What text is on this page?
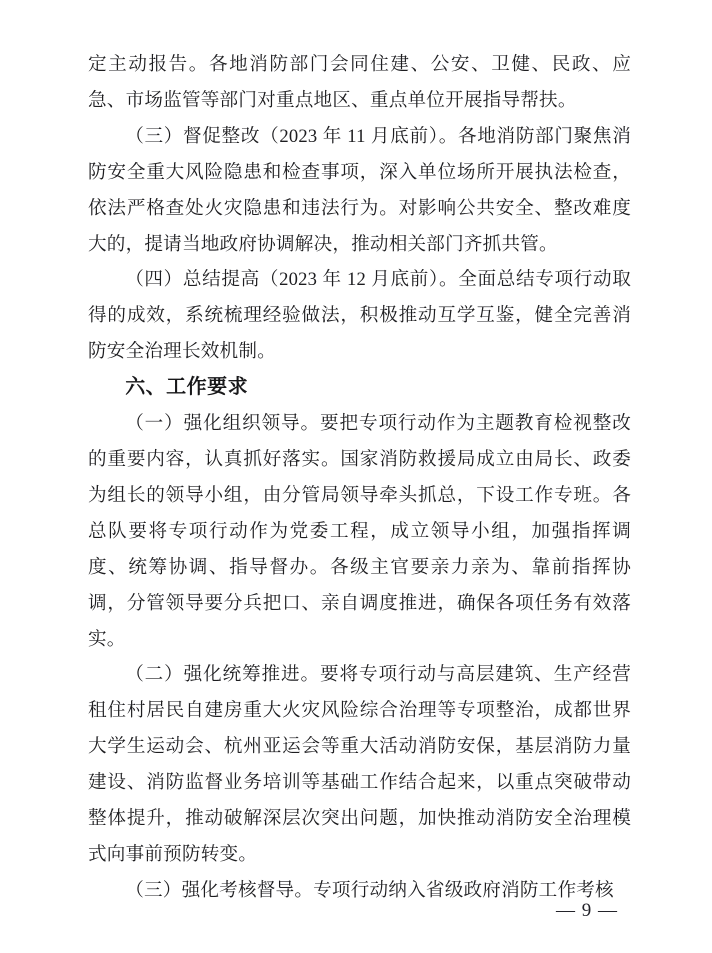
定主动报告。各地消防部门会同住建、公安、卫健、民政、应急、市场监管等部门对重点地区、重点单位开展指导帮扶。

（三）督促整改（2023 年 11 月底前）。各地消防部门聚焦消防安全重大风险隐患和检查事项，深入单位场所开展执法检查，依法严格查处火灾隐患和违法行为。对影响公共安全、整改难度大的，提请当地政府协调解决，推动相关部门齐抓共管。

（四）总结提高（2023 年 12 月底前）。全面总结专项行动取得的成效，系统梳理经验做法，积极推动互学互鉴，健全完善消防安全治理长效机制。

六、工作要求

（一）强化组织领导。要把专项行动作为主题教育检视整改的重要内容，认真抓好落实。国家消防救援局成立由局长、政委为组长的领导小组，由分管局领导牵头抓总，下设工作专班。各总队要将专项行动作为党委工程，成立领导小组，加强指挥调度、统筹协调、指导督办。各级主官要亲力亲为、靠前指挥协调，分管领导要分兵把口、亲自调度推进，确保各项任务有效落实。

（二）强化统筹推进。要将专项行动与高层建筑、生产经营租住村居民自建房重大火灾风险综合治理等专项整治，成都世界大学生运动会、杭州亚运会等重大活动消防安保，基层消防力量建设、消防监督业务培训等基础工作结合起来，以重点突破带动整体提升，推动破解深层次突出问题，加快推动消防安全治理模式向事前预防转变。

（三）强化考核督导。专项行动纳入省级政府消防工作考核

— 9 —
